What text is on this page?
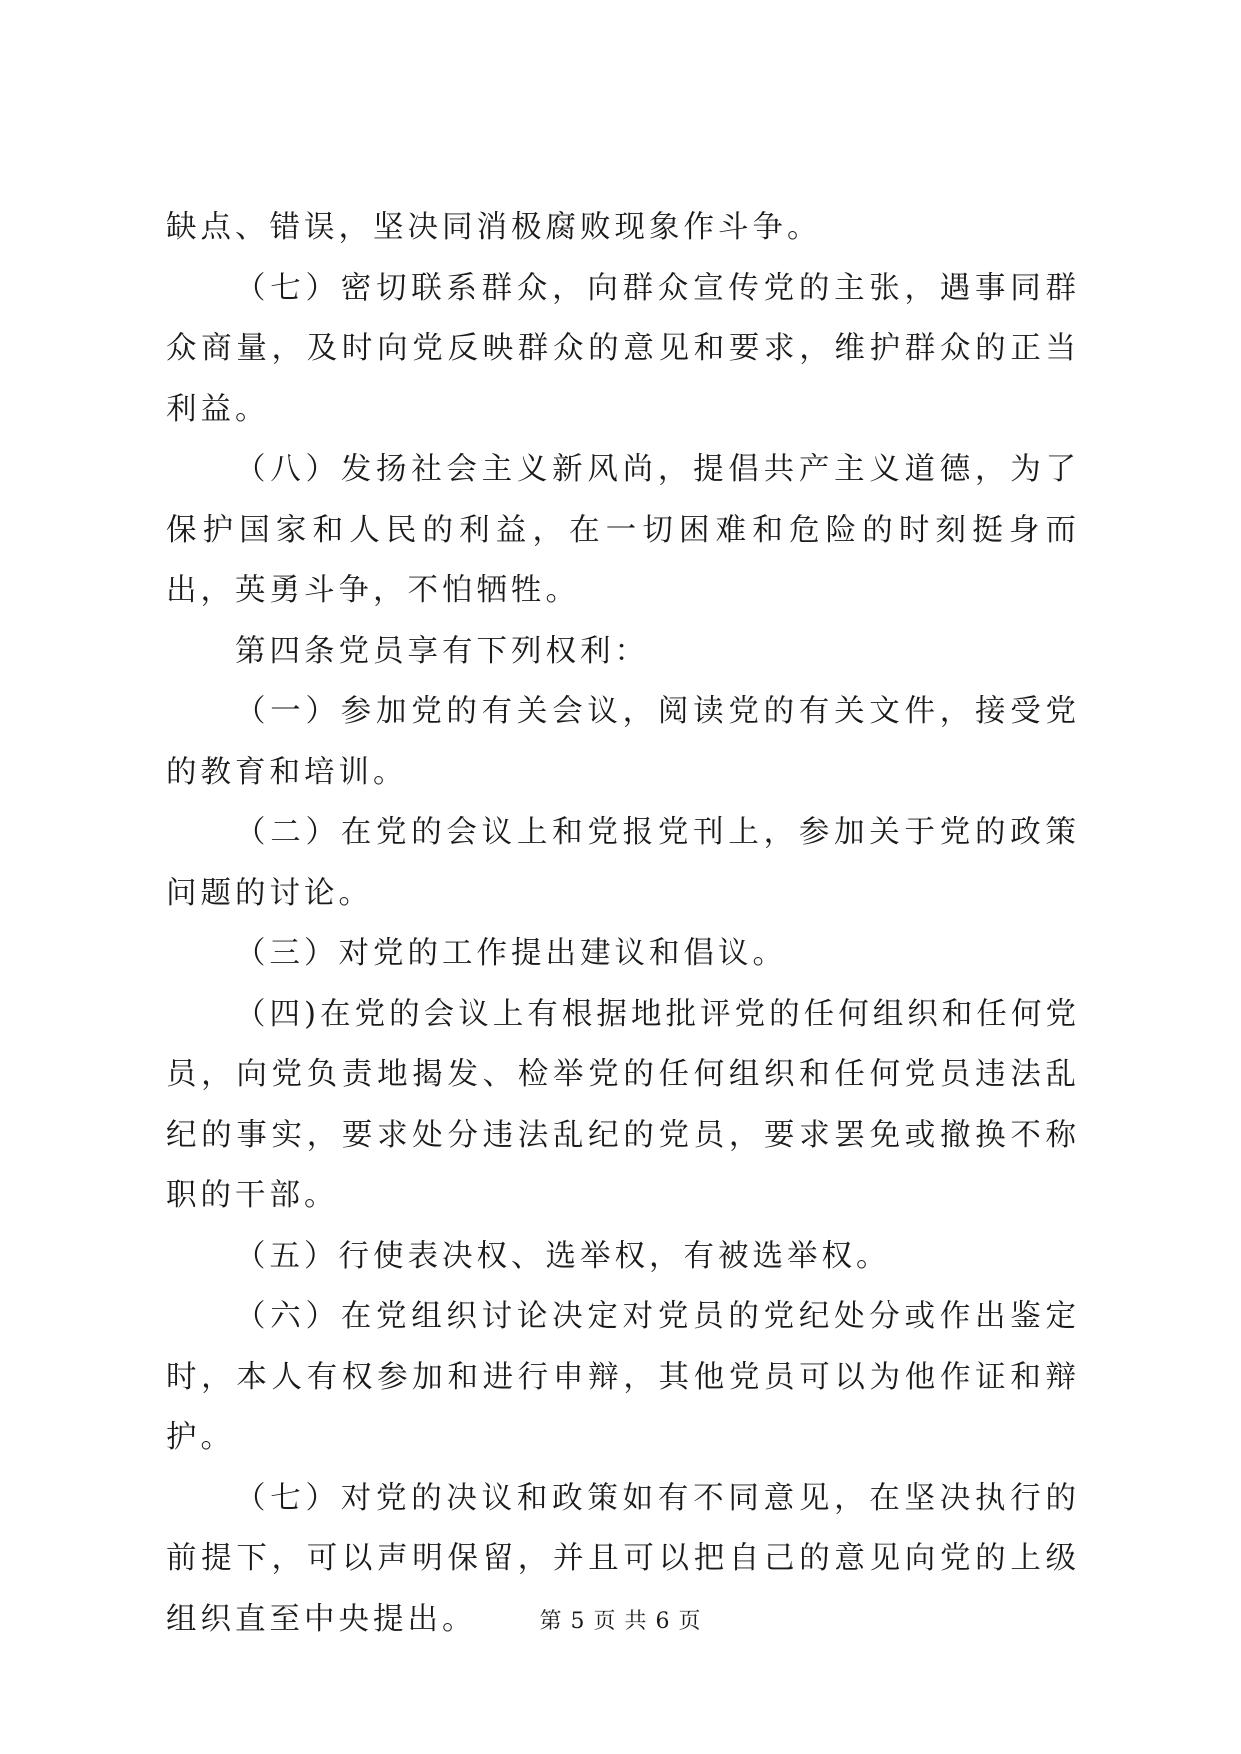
缺点、错误，坚决同消极腐败现象作斗争。

（七）密切联系群众，向群众宣传党的主张，遇事同群众商量，及时向党反映群众的意见和要求，维护群众的正当利益。

（八）发扬社会主义新风尚，提倡共产主义道德，为了保护国家和人民的利益，在一切困难和危险的时刻挺身而出，英勇斗争，不怕牺牲。

第四条党员享有下列权利：

（一）参加党的有关会议，阅读党的有关文件，接受党的教育和培训。

（二）在党的会议上和党报党刊上，参加关于党的政策问题的讨论。

（三）对党的工作提出建议和倡议。

（四)在党的会议上有根据地批评党的任何组织和任何党员，向党负责地揭发、检举党的任何组织和任何党员违法乱纪的事实，要求处分违法乱纪的党员，要求罢免或撤换不称职的干部。

（五）行使表决权、选举权，有被选举权。

（六）在党组织讨论决定对党员的党纪处分或作出鉴定时，本人有权参加和进行申辩，其他党员可以为他作证和辩护。

（七）对党的决议和政策如有不同意见，在坚决执行的前提下，可以声明保留，并且可以把自己的意见向党的上级组织直至中央提出。	第 5 页 共 6 页
